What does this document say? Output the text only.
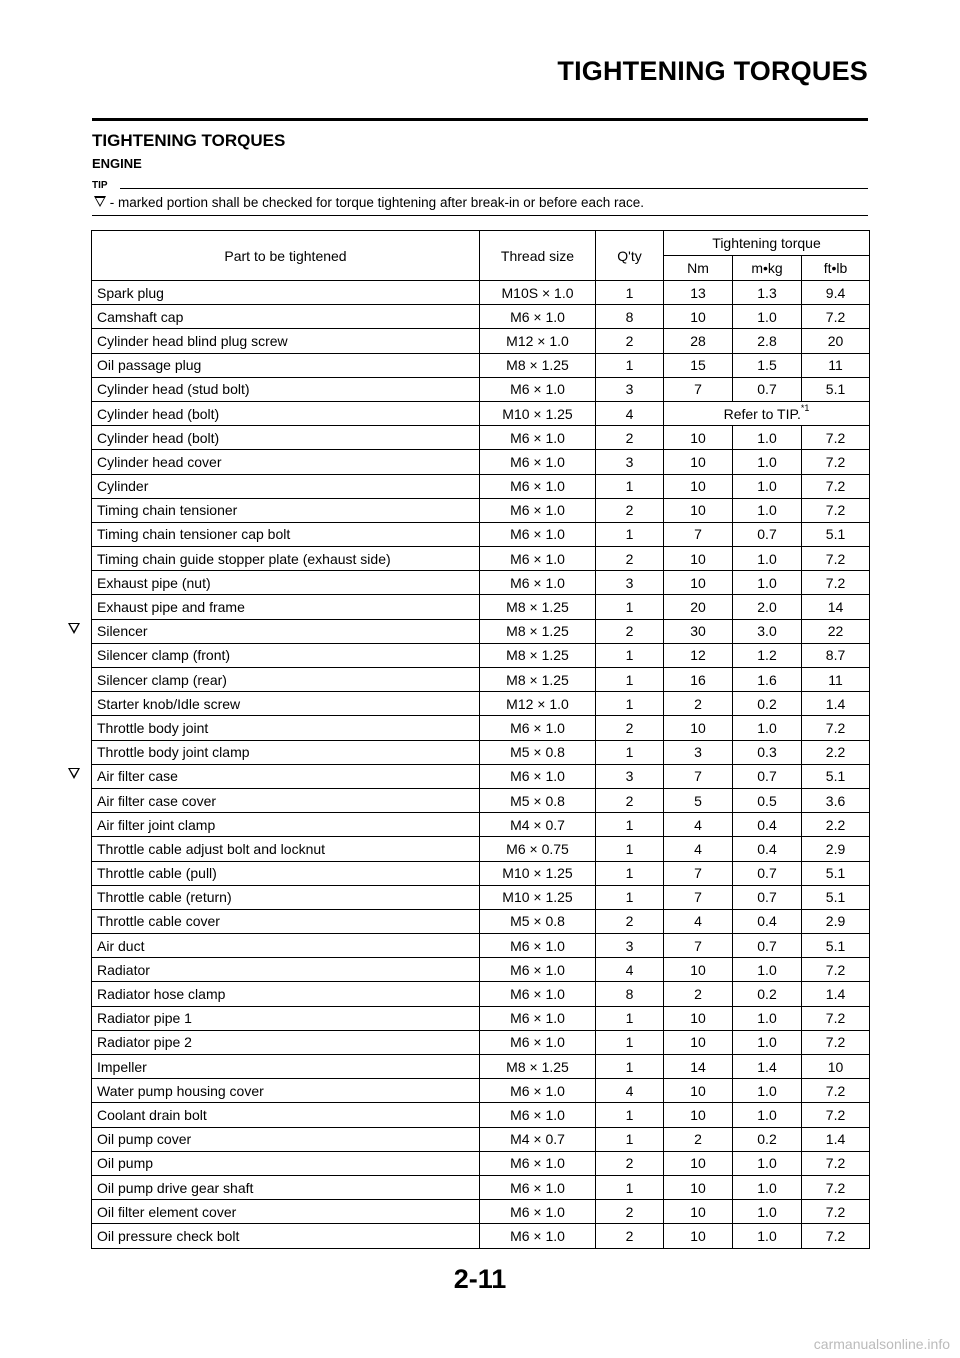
TIGHTENING TORQUES
TIGHTENING TORQUES
ENGINE
TIP
- marked portion shall be checked for torque tightening after break-in or before each race.
Part to be tightened	Thread size	Q'ty	Tightening torque		
			Nm	m•kg	ft•lb
Spark plug	M10S × 1.0	1	13	1.3	9.4
Camshaft cap	M6 × 1.0	8	10	1.0	7.2
Cylinder head blind plug screw	M12 × 1.0	2	28	2.8	20
Oil passage plug	M8 × 1.25	1	15	1.5	11
Cylinder head (stud bolt)	M6 × 1.0	3	7	0.7	5.1
Cylinder head (bolt)	M10 × 1.25	4	Refer to TIP.$^{*1}$
Cylinder head (bolt)	M6 × 1.0	2	10	1.0	7.2
Cylinder head cover	M6 × 1.0	3	10	1.0	7.2
Cylinder	M6 × 1.0	1	10	1.0	7.2
Timing chain tensioner	M6 × 1.0	2	10	1.0	7.2
Timing chain tensioner cap bolt	M6 × 1.0	1	7	0.7	5.1
Timing chain guide stopper plate (exhaust side)	M6 × 1.0	2	10	1.0	7.2
Exhaust pipe (nut)	M6 × 1.0	3	10	1.0	7.2
Exhaust pipe and frame	M8 × 1.25	1	20	2.0	14

Silencer	M8 × 1.25	2	30	3.0	22
Silencer clamp (front)	M8 × 1.25	1	12	1.2	8.7
Silencer clamp (rear)	M8 × 1.25	1	16	1.6	11
Starter knob/Idle screw	M12 × 1.0	1	2	0.2	1.4
Throttle body joint	M6 × 1.0	2	10	1.0	7.2
Throttle body joint clamp	M5 × 0.8	1	3	0.3	2.2

Air filter case	M6 × 1.0	3	7	0.7	5.1
Air filter case cover	M5 × 0.8	2	5	0.5	3.6
Air filter joint clamp	M4 × 0.7	1	4	0.4	2.2
Throttle cable adjust bolt and locknut	M6 × 0.75	1	4	0.4	2.9
Throttle cable (pull)	M10 × 1.25	1	7	0.7	5.1
Throttle cable (return)	M10 × 1.25	1	7	0.7	5.1
Throttle cable cover	M5 × 0.8	2	4	0.4	2.9
Air duct	M6 × 1.0	3	7	0.7	5.1
Radiator	M6 × 1.0	4	10	1.0	7.2
Radiator hose clamp	M6 × 1.0	8	2	0.2	1.4
Radiator pipe 1	M6 × 1.0	1	10	1.0	7.2
Radiator pipe 2	M6 × 1.0	1	10	1.0	7.2
Impeller	M8 × 1.25	1	14	1.4	10
Water pump housing cover	M6 × 1.0	4	10	1.0	7.2
Coolant drain bolt	M6 × 1.0	1	10	1.0	7.2
Oil pump cover	M4 × 0.7	1	2	0.2	1.4
Oil pump	M6 × 1.0	2	10	1.0	7.2
Oil pump drive gear shaft	M6 × 1.0	1	10	1.0	7.2
Oil filter element cover	M6 × 1.0	2	10	1.0	7.2
Oil pressure check bolt	M6 × 1.0	2	10	1.0	7.2
2-11
carmanualsonline.info
